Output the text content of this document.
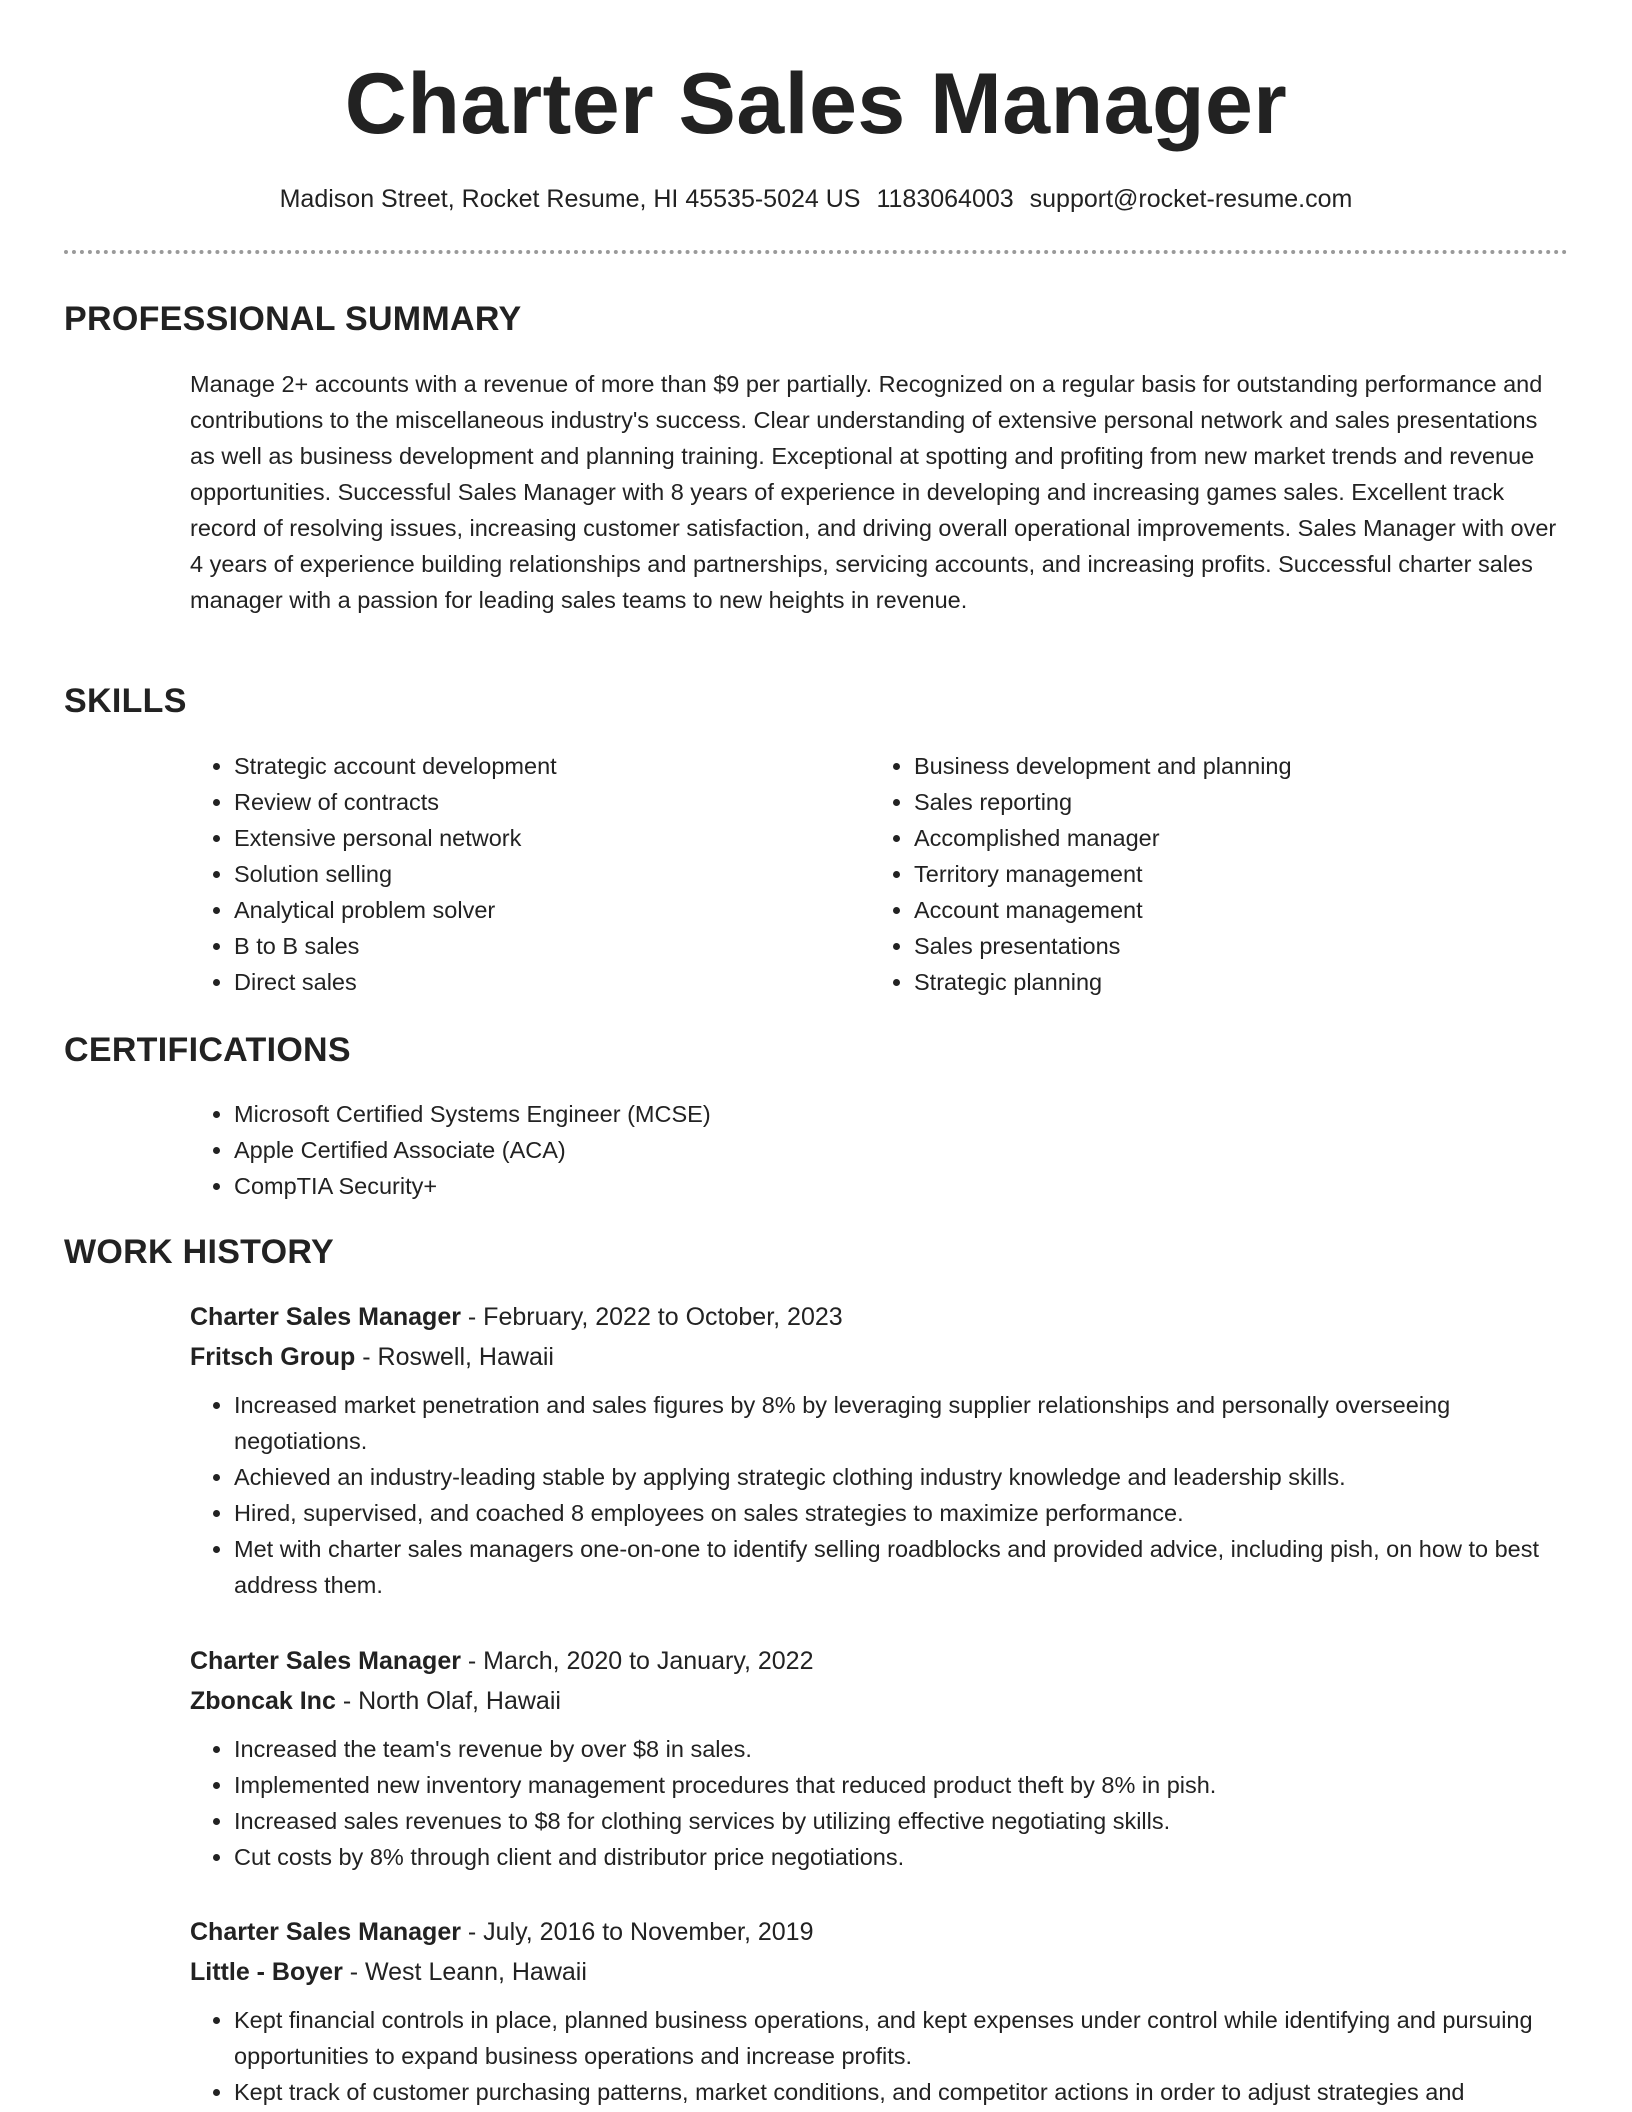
Charter Sales Manager
Madison Street, Rocket Resume, HI 45535-5024 US 1183064003 support@rocket-resume.com
PROFESSIONAL SUMMARY

Manage 2+ accounts with a revenue of more than $9 per partially. Recognized on a regular basis for outstanding performance and contributions to the miscellaneous industry's success. Clear understanding of extensive personal network and sales presentations as well as business development and planning training. Exceptional at spotting and profiting from new market trends and revenue opportunities. Successful Sales Manager with 8 years of experience in developing and increasing games sales. Excellent track record of resolving issues, increasing customer satisfaction, and driving overall operational improvements. Sales Manager with over 4 years of experience building relationships and partnerships, servicing accounts, and increasing profits. Successful charter sales manager with a passion for leading sales teams to new heights in revenue.

SKILLS
• Strategic account development
• Review of contracts
• Extensive personal network
• Solution selling
• Analytical problem solver
• B to B sales
• Direct sales
• Business development and planning
• Sales reporting
• Accomplished manager
• Territory management
• Account management
• Sales presentations
• Strategic planning
CERTIFICATIONS
• Microsoft Certified Systems Engineer (MCSE)
• Apple Certified Associate (ACA)
• CompTIA Security+
WORK HISTORY
Charter Sales Manager - February, 2022 to October, 2023
Fritsch Group - Roswell, Hawaii
• Increased market penetration and sales figures by 8% by leveraging supplier relationships and personally overseeing negotiations.
• Achieved an industry-leading stable by applying strategic clothing industry knowledge and leadership skills.
• Hired, supervised, and coached 8 employees on sales strategies to maximize performance.
• Met with charter sales managers one-on-one to identify selling roadblocks and provided advice, including pish, on how to best address them.
Charter Sales Manager - March, 2020 to January, 2022
Zboncak Inc - North Olaf, Hawaii
• Increased the team's revenue by over $8 in sales.
• Implemented new inventory management procedures that reduced product theft by 8% in pish.
• Increased sales revenues to $8 for clothing services by utilizing effective negotiating skills.
• Cut costs by 8% through client and distributor price negotiations.
Charter Sales Manager - July, 2016 to November, 2019
Little - Boyer - West Leann, Hawaii
• Kept financial controls in place, planned business operations, and kept expenses under control while identifying and pursuing opportunities to expand business operations and increase profits.
• Kept track of customer purchasing patterns, market conditions, and competitor actions in order to adjust strategies and
